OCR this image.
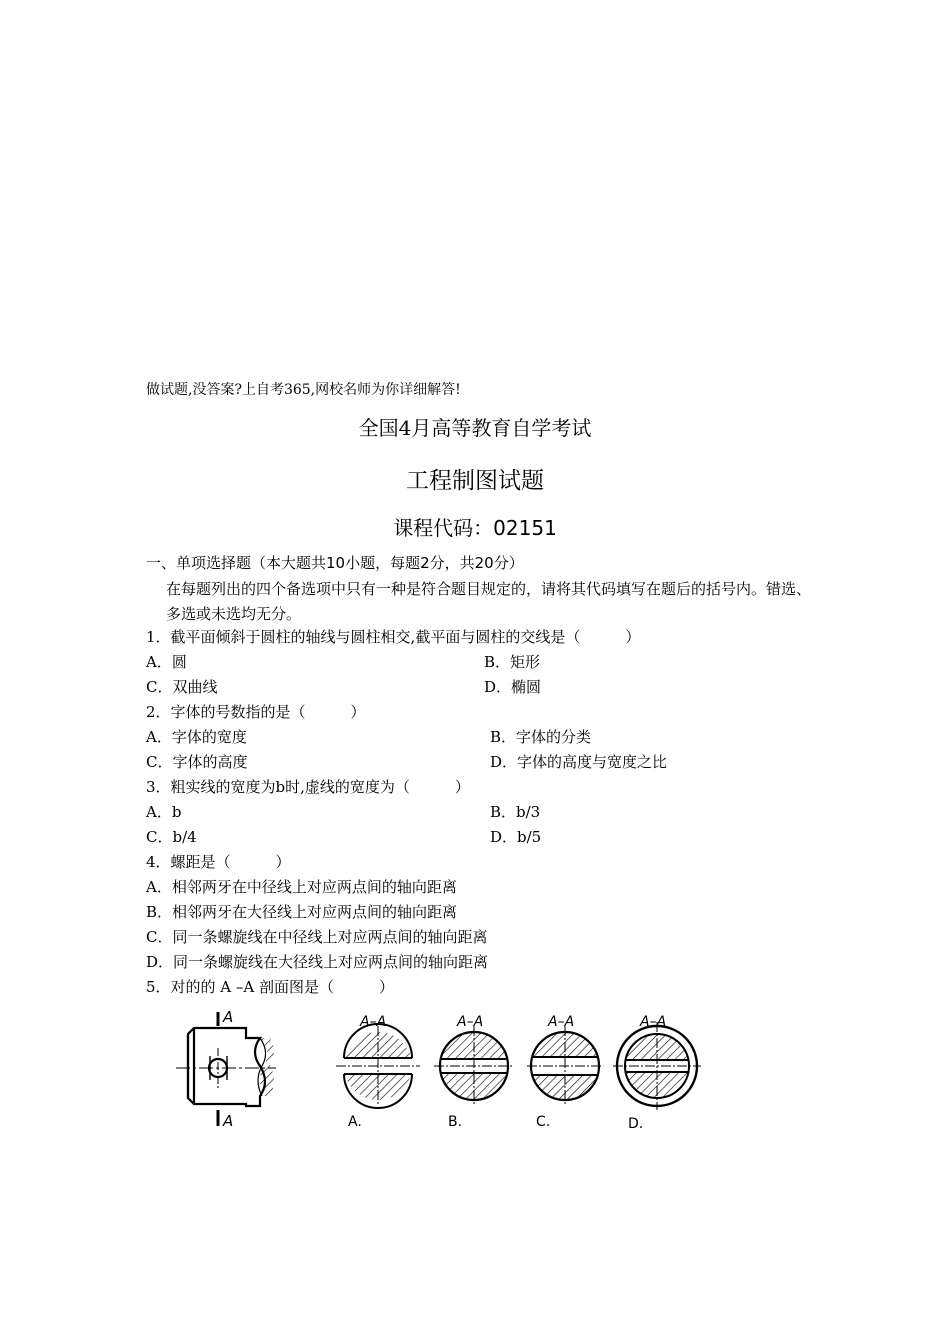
做试题,没答案?上自考365,网校名师为你详细解答!
全国4月高等教育自学考试
工程制图试题
课程代码：02151
一、单项选择题（本大题共10小题，每题2分，共20分）
在每题列出的四个备选项中只有一种是符合题目规定的，请将其代码填写在题后的括号内。错选、多选或未选均无分。
1．截平面倾斜于圆柱的轴线与圆柱相交,截平面与圆柱的交线是（　　　）
A．圆	B．矩形
C．双曲线	D．椭圆
2．字体的号数指的是（　　　）
A．字体的宽度	B．字体的分类
C．字体的高度	D．字体的高度与宽度之比
3．粗实线的宽度为b时,虚线的宽度为（　　　）
A．b	B．b/3
C．b/4	D．b/5
4．螺距是（　　　）
A．相邻两牙在中径线上对应两点间的轴向距离
B．相邻两牙在大径线上对应两点间的轴向距离
C．同一条螺旋线在中径线上对应两点间的轴向距离
D．同一条螺旋线在大径线上对应两点间的轴向距离
5．对的的 A –A 剖面图是（　　　）
A
A
A–A
A.
A–A
B.
A–A
C.
A–A
D.
